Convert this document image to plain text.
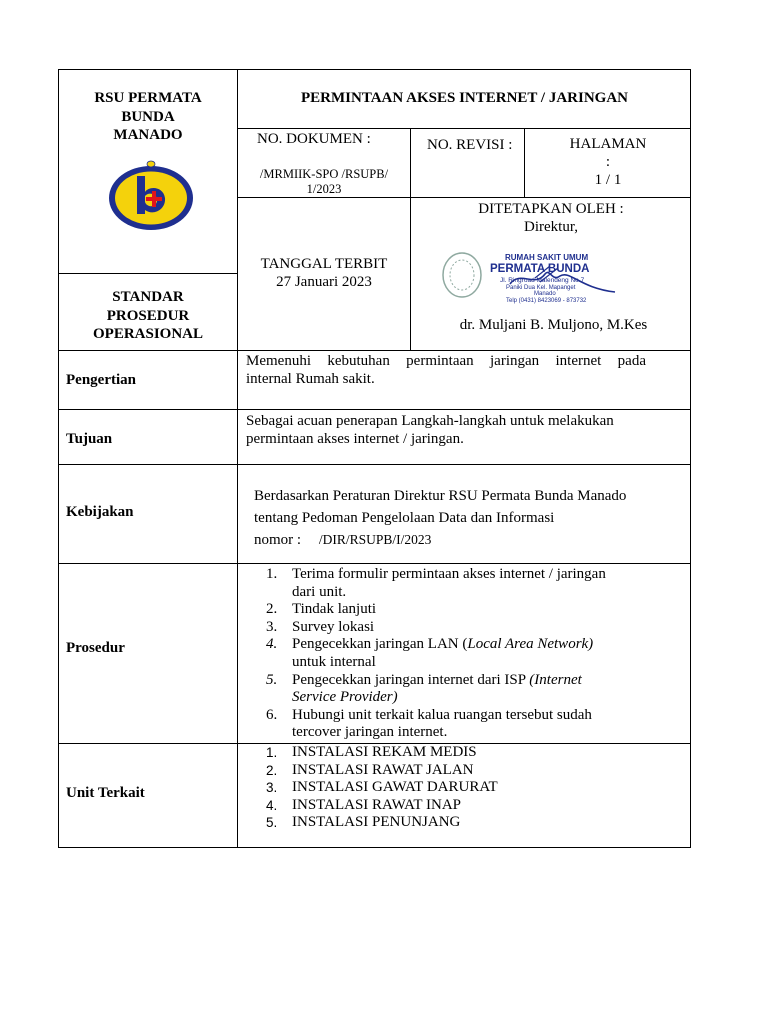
RSU PERMATA
BUNDA
MANADO
STANDAR
PROSEDUR
OPERASIONAL
PERMINTAAN AKSES INTERNET / JARINGAN
NO. DOKUMEN :
/MRMIIK-SPO /RSUPB/
1/2023
NO. REVISI :	HALAMAN
:
1 / 1
TANGGAL TERBIT
27 Januari 2023
DITETAPKAN OLEH :
Direktur,
RUMAH SAKIT UMUM
PERMATA BUNDA
Jl. Ringroad Malendeng No.7
Paniki Dua Kel. Mapanget
Manado
Telp (0431) 8423069 - 873732
dr. Muljani B. Muljono, M.Kes
Pengertian
Memenuhi kebutuhan permintaan jaringan internet pada
internal Rumah sakit.
Tujuan
Sebagai acuan penerapan Langkah-langkah untuk melakukan
permintaan akses internet / jaringan.
Kebijakan
Berdasarkan Peraturan Direktur RSU Permata Bunda Manado
tentang Pedoman Pengelolaan Data dan Informasi
nomor : /DIR/RSUPB/I/2023
Prosedur
1. Terima formulir permintaan akses internet / jaringan
dari unit.
2. Tindak lanjuti
3. Survey lokasi
4. Pengecekkan jaringan LAN (Local Area Network)
untuk internal
5. Pengecekkan jaringan internet dari ISP (Internet
Service Provider)
6. Hubungi unit terkait kalua ruangan tersebut sudah
tercover jaringan internet.
Unit Terkait
1. INSTALASI REKAM MEDIS
2. INSTALASI RAWAT JALAN
3. INSTALASI GAWAT DARURAT
4. INSTALASI RAWAT INAP
5. INSTALASI PENUNJANG
